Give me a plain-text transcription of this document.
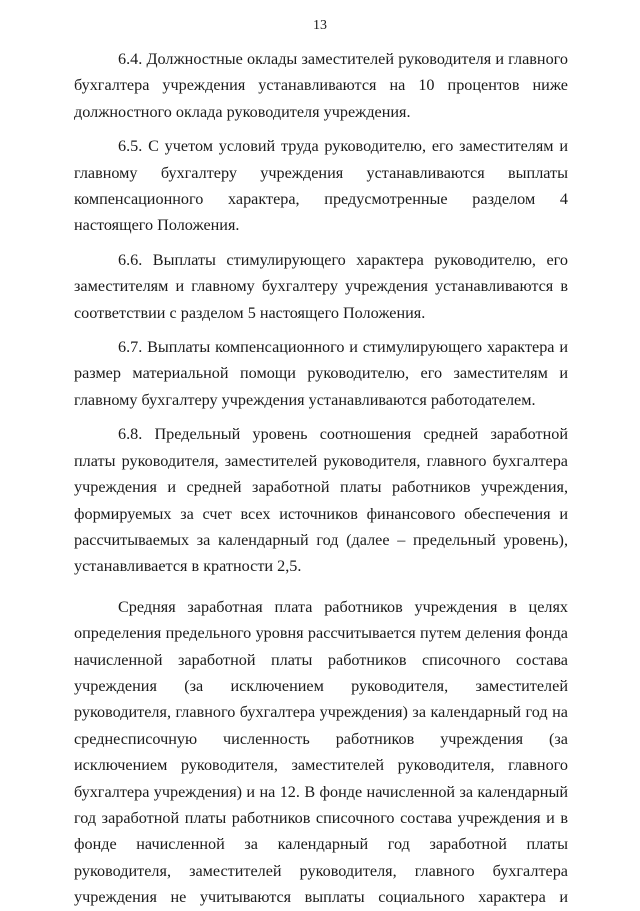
13

6.4. Должностные оклады заместителей руководителя и главного бухгалтера учреждения устанавливаются на 10 процентов ниже должностного оклада руководителя учреждения.

6.5. С учетом условий труда руководителю, его заместителям и главному бухгалтеру учреждения устанавливаются выплаты компенсационного характера, предусмотренные разделом 4 настоящего Положения.

6.6. Выплаты стимулирующего характера руководителю, его заместителям и главному бухгалтеру учреждения устанавливаются в соответствии с разделом 5 настоящего Положения.

6.7. Выплаты компенсационного и стимулирующего характера и размер материальной помощи руководителю, его заместителям и главному бухгалтеру учреждения устанавливаются работодателем.

6.8. Предельный уровень соотношения средней заработной платы руководителя, заместителей руководителя, главного бухгалтера учреждения и средней заработной платы работников учреждения, формируемых за счет всех источников финансового обеспечения и рассчитываемых за календарный год (далее – предельный уровень), устанавливается в кратности 2,5.

Средняя заработная плата работников учреждения в целях определения предельного уровня рассчитывается путем деления фонда начисленной заработной платы работников списочного состава учреждения (за исключением руководителя, заместителей руководителя, главного бухгалтера учреждения) за календарный год на среднесписочную численность работников учреждения (за исключением руководителя, заместителей руководителя, главного бухгалтера учреждения) и на 12. В фонде начисленной за календарный год заработной платы работников списочного состава учреждения и в фонде начисленной за календарный год заработной платы руководителя, заместителей руководителя, главного бухгалтера учреждения не учитываются выплаты социального характера и
